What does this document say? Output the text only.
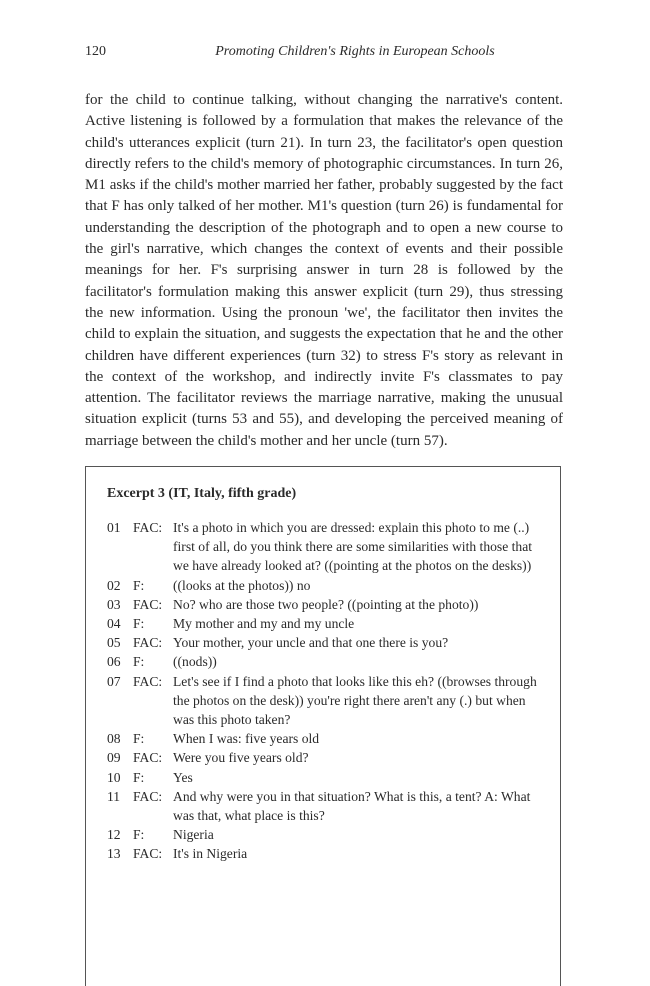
120	Promoting Children's Rights in European Schools

for the child to continue talking, without changing the narrative's content. Active listening is followed by a formulation that makes the relevance of the child's utterances explicit (turn 21). In turn 23, the facilitator's open question directly refers to the child's memory of photographic circumstances. In turn 26, M1 asks if the child's mother married her father, probably suggested by the fact that F has only talked of her mother. M1's question (turn 26) is fundamental for understanding the description of the photograph and to open a new course to the girl's narrative, which changes the context of events and their possible meanings for her. F's surprising answer in turn 28 is followed by the facilitator's formulation making this answer explicit (turn 29), thus stressing the new information. Using the pronoun 'we', the facilitator then invites the child to explain the situation, and suggests the expectation that he and the other children have different experiences (turn 32) to stress F's story as relevant in the context of the workshop, and indirectly invite F's classmates to pay attention. The facilitator reviews the marriage narrative, making the unusual situation explicit (turns 53 and 55), and developing the perceived meaning of marriage between the child's mother and her uncle (turn 57).

Excerpt 3 (IT, Italy, fifth grade)
01 FAC: It's a photo in which you are dressed: explain this photo to me (..) first of all, do you think there are some similarities with those that we have already looked at? ((pointing at the photos on the desks))
02 F:	((looks at the photos)) no
03 FAC: No? who are those two people? ((pointing at the photo))
04 F:	My mother and my and my uncle
05 FAC: Your mother, your uncle and that one there is you?
06 F:	((nods))
07 FAC: Let's see if I find a photo that looks like this eh? ((browses through the photos on the desk)) you're right there aren't any (.) but when was this photo taken?
08 F:	When I was: five years old
09 FAC: Were you five years old?
10 F:	Yes
11 FAC: And why were you in that situation? What is this, a tent? A: What was that, what place is this?
12 F:	Nigeria
13 FAC: It's in Nigeria
